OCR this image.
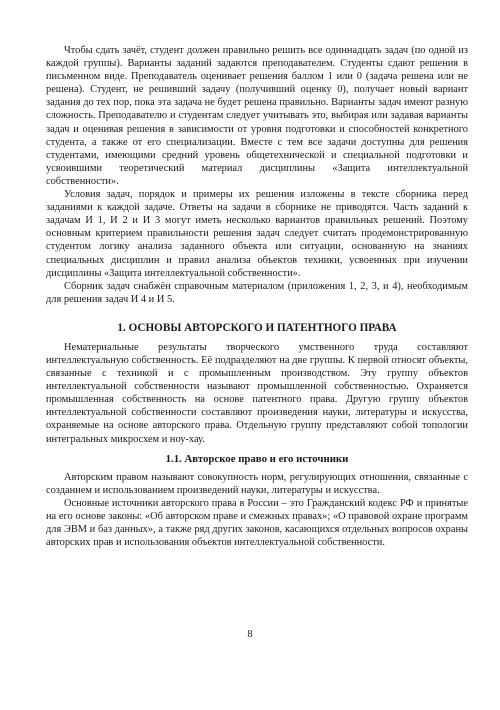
Чтобы сдать зачёт, студент должен правильно решить все одиннадцать задач (по одной из каждой группы). Варианты заданий задаются преподавателем. Студенты сдают решения в письменном виде. Преподаватель оценивает решения баллом 1 или 0 (задача решена или не решена). Студент, не решивший задачу (получивший оценку 0), получает новый вариант задания до тех пор, пока эта задача не будет решена правильно. Варианты задач имеют разную сложность. Преподавателю и студентам следует учитывать это, выбирая или задавая варианты задач и оценивая решения в зависимости от уровня подготовки и способностей конкретного студента, а также от его специализации. Вместе с тем все задачи доступны для решения студентами, имеющими средний уровень общетехнической и специальной подготовки и усвоившими теоретический материал дисциплины «Защита интеллектуальной собственности».

Условия задач, порядок и примеры их решения изложены в тексте сборника перед заданиями к каждой задаче. Ответы на задачи в сборнике не приводятся. Часть заданий к задачам И 1, И 2 и И 3 могут иметь несколько вариантов правильных решений. Поэтому основным критерием правильности решения задач следует считать продемонстрированную студентом логику анализа заданного объекта или ситуации, основанную на знаниях специальных дисциплин и правил анализа объектов техники, усвоенных при изучении дисциплины «Защита интеллектуальной собственности».

Сборник задач снабжён справочным материалом (приложения 1, 2, 3, и 4), необходимым для решения задач И 4 и И 5.

1. ОСНОВЫ АВТОРСКОГО И ПАТЕНТНОГО ПРАВА

Нематериальные результаты творческого умственного труда составляют интеллектуальную собственность. Её подразделяют на две группы. К первой относят объекты, связанные с техникой и с промышленным производством. Эту группу объектов интеллектуальной собственности называют промышленной собственностью. Охраняется промышленная собственность на основе патентного права. Другую группу объектов интеллектуальной собственности составляют произведения науки, литературы и искусства, охраняемые на основе авторского права. Отдельную группу представляют собой топологии интегральных микросхем и ноу-хау.

1.1. Авторское право и его источники

Авторским правом называют совокупность норм, регулирующих отношения, связанные с созданием и использованием произведений науки, литературы и искусства.

Основные источники авторского права в России – это Гражданский кодекс РФ и принятые на его основе законы: «Об авторском праве и смежных правах»; «О правовой охране программ для ЭВМ и баз данных», а также ряд других законов, касающихся отдельных вопросов охраны авторских прав и использования объектов интеллектуальной собственности.

8
